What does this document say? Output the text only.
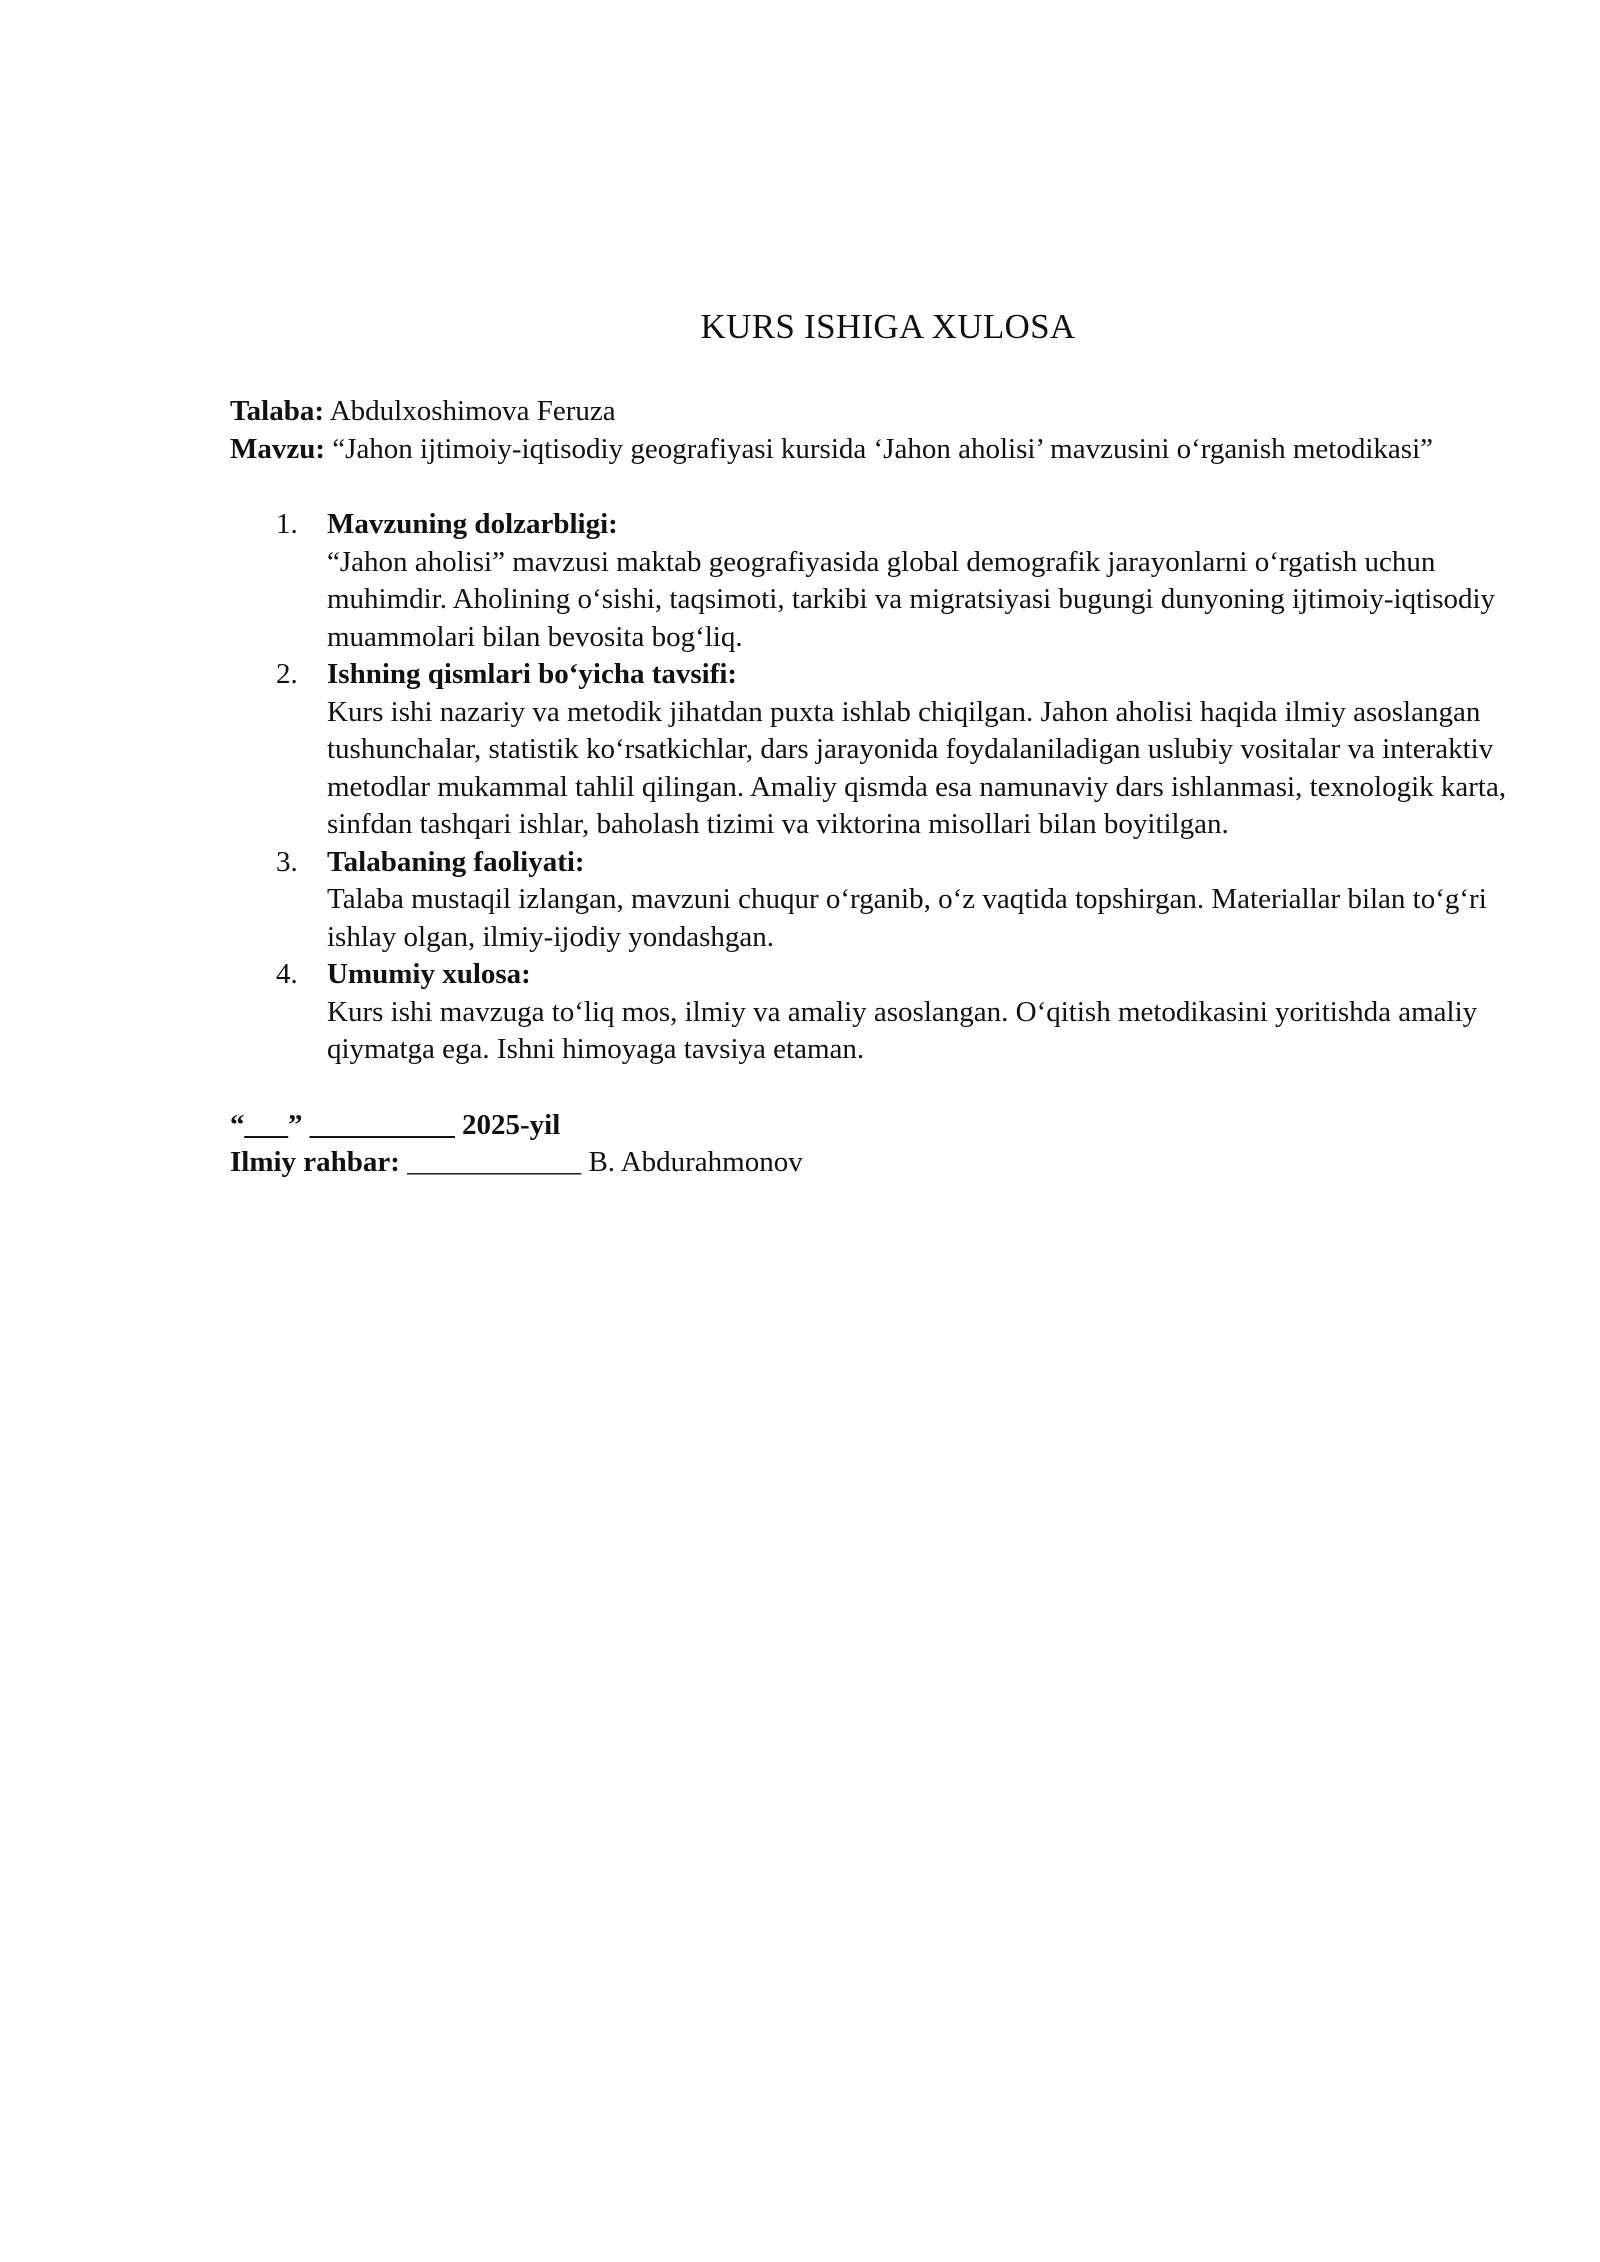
KURS ISHIGA XULOSA

Talaba: Abdulxoshimova Feruza

Mavzu: “Jahon ijtimoiy-iqtisodiy geografiyasi kursida ‘Jahon aholisi’ mavzusini o‘rganish metodikasi”

1. Mavzuning dolzarbligi:
“Jahon aholisi” mavzusi maktab geografiyasida global demografik jarayonlarni o‘rgatish uchun muhimdir. Aholining o‘sishi, taqsimoti, tarkibi va migratsiyasi bugungi dunyoning ijtimoiy-iqtisodiy muammolari bilan bevosita bog‘liq.
2. Ishning qismlari bo‘yicha tavsifi:
Kurs ishi nazariy va metodik jihatdan puxta ishlab chiqilgan. Jahon aholisi haqida ilmiy asoslangan tushunchalar, statistik ko‘rsatkichlar, dars jarayonida foydalaniladigan uslubiy vositalar va interaktiv metodlar mukammal tahlil qilingan. Amaliy qismda esa namunaviy dars ishlanmasi, texnologik karta, sinfdan tashqari ishlar, baholash tizimi va viktorina misollari bilan boyitilgan.
3. Talabaning faoliyati:
Talaba mustaqil izlangan, mavzuni chuqur o‘rganib, o‘z vaqtida topshirgan. Materiallar bilan to‘g‘ri ishlay olgan, ilmiy-ijodiy yondashgan.
4. Umumiy xulosa:
Kurs ishi mavzuga to‘liq mos, ilmiy va amaliy asoslangan. O‘qitish metodikasini yoritishda amaliy qiymatga ega. Ishni himoyaga tavsiya etaman.

“___” __________ 2025-yil

Ilmiy rahbar: ____________ B. Abdurahmonov
